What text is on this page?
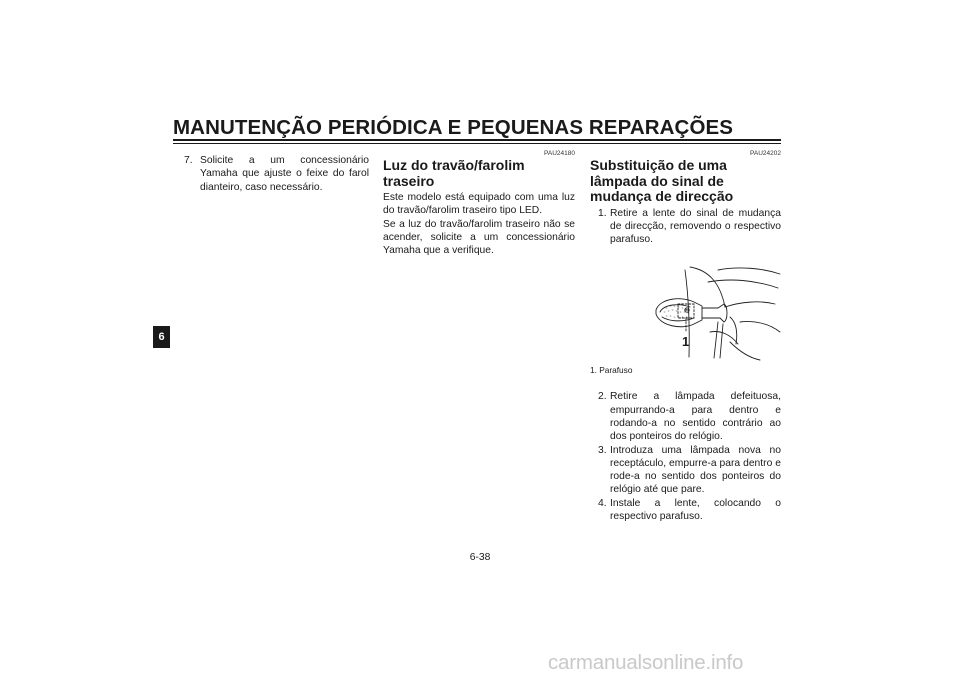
MANUTENÇÃO PERIÓDICA E PEQUENAS REPARAÇÕES
6
7. Solicite a um concessionário Yamaha que ajuste o feixe do farol dianteiro, caso necessário.
PAU24180
Luz do travão/farolim traseiro
Este modelo está equipado com uma luz do travão/farolim traseiro tipo LED.
Se a luz do travão/farolim traseiro não se acender, solicite a um concessionário Yamaha que a verifique.
PAU24202
Substituição de uma lâmpada do sinal de mudança de direcção
1. Retire a lente do sinal de mudança de direcção, removendo o respectivo parafuso.
1
1. Parafuso
2. Retire a lâmpada defeituosa, empurrando-a para dentro e rodando-a no sentido contrário ao dos ponteiros do relógio.
3. Introduza uma lâmpada nova no receptáculo, empurre-a para dentro e rode-a no sentido dos ponteiros do relógio até que pare.
4. Instale a lente, colocando o respectivo parafuso.
6-38
carmanualsonline.info
